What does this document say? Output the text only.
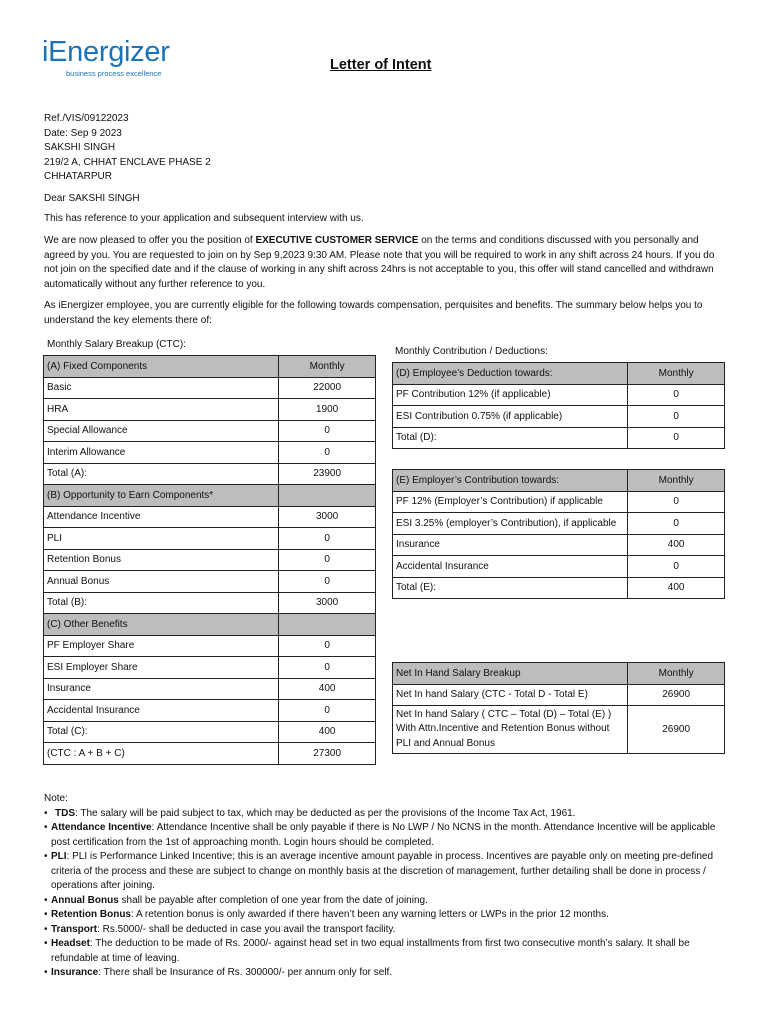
iEnergizer
business process excellence
Letter of Intent
Ref./VIS/09122023
Date: Sep 9 2023
SAKSHI SINGH
219/2 A, CHHAT ENCLAVE PHASE 2
CHHATARPUR
Dear SAKSHI SINGH
This has reference to your application and subsequent interview with us.
We are now pleased to offer you the position of EXECUTIVE CUSTOMER SERVICE on the terms and conditions discussed with you personally and agreed by you. You are requested to join on by Sep 9,2023 9:30 AM. Please note that you will be required to work in any shift across 24 hours. If you do not join on the specified date and if the clause of working in any shift across 24hrs is not acceptable to you, this offer will stand cancelled and withdrawn automatically without any further reference to you.
As iEnergizer employee, you are currently eligible for the following towards compensation, perquisites and benefits. The summary below helps you to understand the key elements there of:
Monthly Salary Breakup (CTC):
(A) Fixed Components	Monthly
Basic	22000
HRA	1900
Special Allowance	0
Interim Allowance	0
Total (A):	23900
(B) Opportunity to Earn Components*	
Attendance Incentive	3000
PLI	0
Retention Bonus	0
Annual Bonus	0
Total (B):	3000
(C) Other Benefits	
PF Employer Share	0
ESI Employer Share	0
Insurance	400
Accidental Insurance	0
Total (C):	400
(CTC : A + B + C)	27300
Monthly Contribution / Deductions:
(D) Employee’s Deduction towards:	Monthly
PF Contribution 12% (if applicable)	0
ESI Contribution 0.75% (if applicable)	0
Total (D):	0
(E) Employer’s Contribution towards:	Monthly
PF 12% (Employer’s Contribution) if applicable	0
ESI 3.25% (employer’s Contribution), if applicable	0
Insurance	400
Accidental Insurance	0
Total (E):	400
Net In Hand Salary Breakup	Monthly
Net In hand Salary (CTC - Total D - Total E)	26900

Net In hand Salary ( CTC – Total (D) – Total (E) )
With Attn.Incentive and Retention Bonus without
PLI and Annual Bonus	26900
Note:
• TDS: The salary will be paid subject to tax, which may be deducted as per the provisions of the Income Tax Act, 1961.
• Attendance Incentive: Attendance Incentive shall be only payable if there is No LWP / No NCNS in the month. Attendance Incentive will be applicable post certification from the 1st of approaching month. Login hours should be completed.
• PLI: PLI is Performance Linked Incentive; this is an average incentive amount payable in process. Incentives are payable only on meeting pre-defined criteria of the process and these are subject to change on monthly basis at the discretion of management, further detailing shall be done in process / operations after joining.
• Annual Bonus shall be payable after completion of one year from the date of joining.
• Retention Bonus: A retention bonus is only awarded if there haven’t been any warning letters or LWPs in the prior 12 months.
• Transport: Rs.5000/- shall be deducted in case you avail the transport facility.
• Headset: The deduction to be made of Rs. 2000/- against head set in two equal installments from first two consecutive month’s salary. It shall be refundable at time of leaving.
• Insurance: There shall be Insurance of Rs. 300000/- per annum only for self.
